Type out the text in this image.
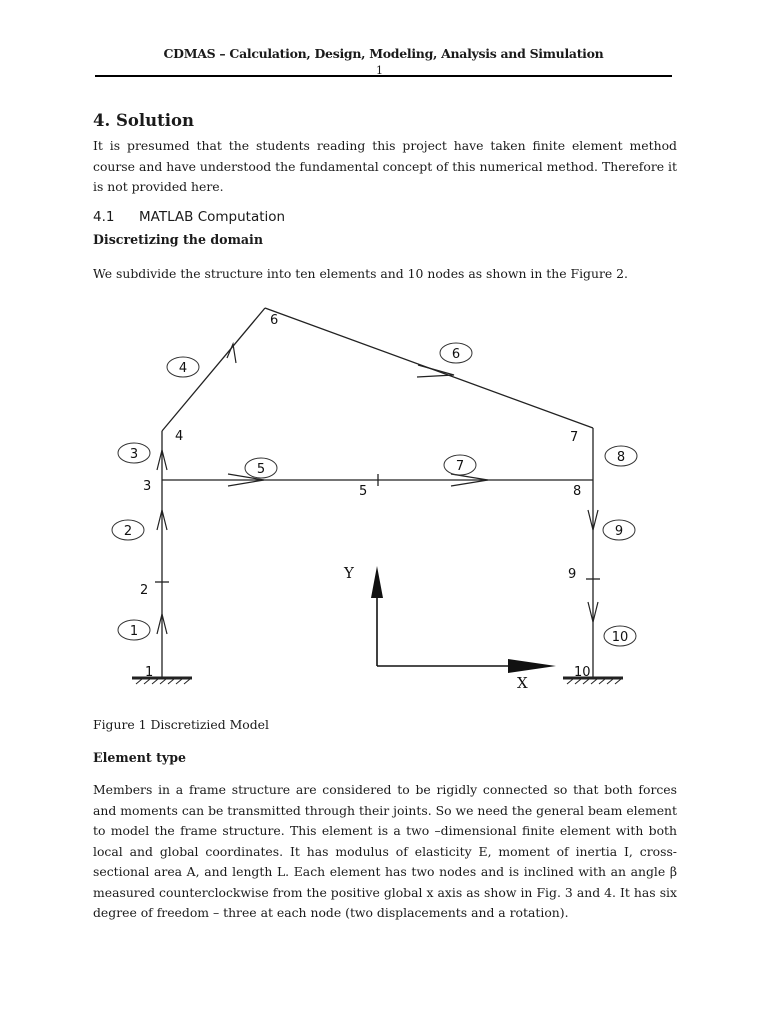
CDMAS – Calculation, Design, Modeling, Analysis and Simulation
1
4. Solution
It is presumed that the students reading this project have taken finite element method course and have understood the fundamental concept of this numerical method. Therefore it is not provided here.
4.1 MATLAB Computation
Discretizing the domain
We subdivide the structure into ten elements and 10 nodes as shown in the Figure 2.
1
2
3
4
5
6
7
8
9
10
1
2
3
4
5
6
7
8
9
10
Y
X
Figure 1 Discretizied Model
Element type
Members in a frame structure are considered to be rigidly connected so that both forces and moments can be transmitted through their joints. So we need the general beam element to model the frame structure. This element is a two –dimensional finite element with both local and global coordinates. It has modulus of elasticity E, moment of inertia I, cross-sectional area A, and length L. Each element has two nodes and is inclined with an angle β measured counterclockwise from the positive global x axis as show in Fig. 3 and 4. It has six degree of freedom – three at each node (two displacements and a rotation).
